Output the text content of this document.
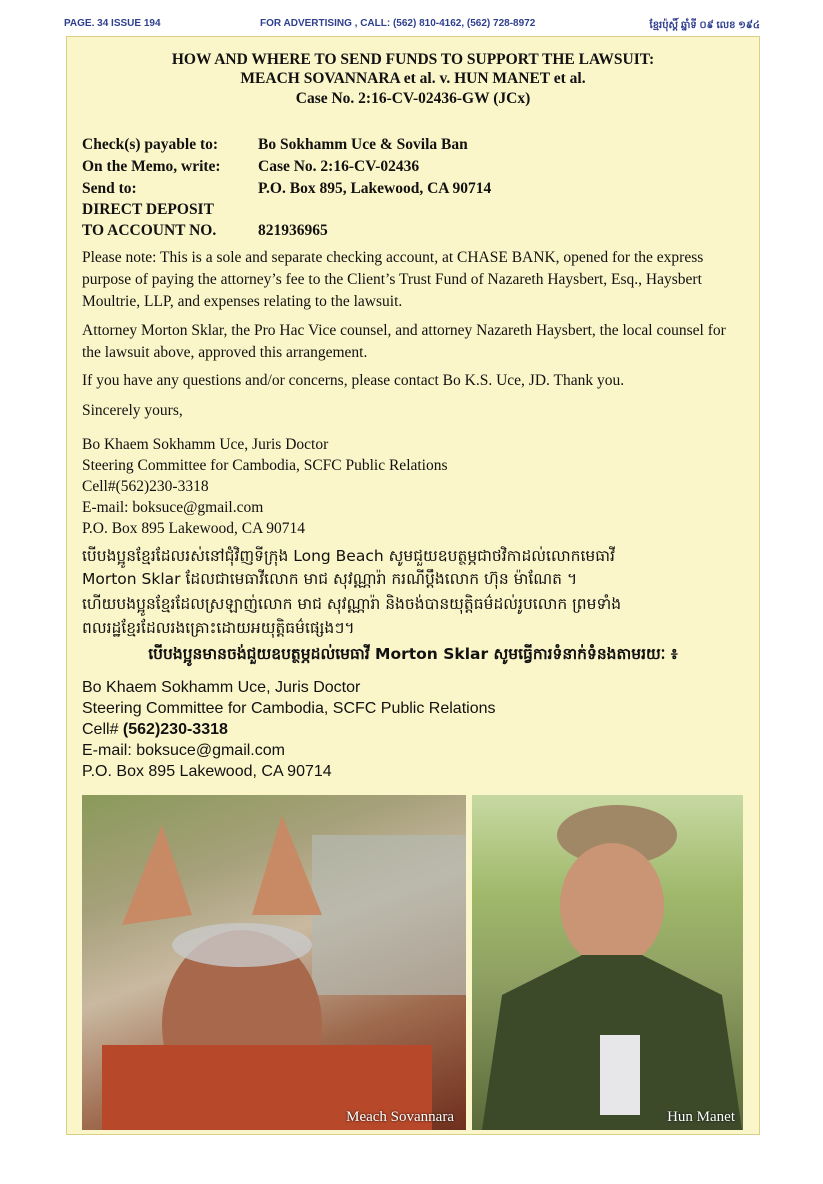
PAGE. 34 ISSUE 194	FOR ADVERTISING , CALL: (562) 810-4162, (562) 728-8972	ខ្មែរប៉ុស្ដិ៍ ឆ្នាំទី ០៩ លេខ ១៩៤
HOW AND WHERE TO SEND FUNDS TO SUPPORT THE LAWSUIT:
MEACH SOVANNARA et al. v. HUN MANET et al.
Case No. 2:16-CV-02436-GW (JCx)
Check(s) payable to:	Bo Sokhamm Uce & Sovila Ban
On the Memo, write: Case No. 2:16-CV-02436
Send to:	P.O. Box 895, Lakewood, CA 90714
DIRECT DEPOSIT
TO ACCOUNT NO.	821936965
Please note: This is a sole and separate checking account, at CHASE BANK, opened for the express purpose of paying the attorney’s fee to the Client’s Trust Fund of Nazareth Haysbert, Esq., Haysbert Moultrie, LLP, and expenses relating to the lawsuit.
Attorney Morton Sklar, the Pro Hac Vice counsel, and attorney Nazareth Haysbert, the local counsel for the lawsuit above, approved this arrangement.
If you have any questions and/or concerns, please contact Bo K.S. Uce, JD. Thank you.
Sincerely yours,
Bo Khaem Sokhamm Uce, Juris Doctor
Steering Committee for Cambodia, SCFC Public Relations
Cell#(562)230-3318
E-mail: boksuce@gmail.com
P.O. Box 895 Lakewood, CA 90714
បើបងប្អូនខ្មែរដែលរស់នៅជុំវិញទីក្រុង Long Beach សូមជួយឧបត្ថម្ភជាថវិកាដល់លោកមេធាវី
Morton Sklar ដែលជាមេធាវីលោក មាជ សុវណ្ណារ៉ា ករណីប្ដឹងលោក ហ៊ុន ម៉ាណែត ។
ហើយបងប្អូនខ្មែរដែលស្រឡាញ់លោក មាជ សុវណ្ណារ៉ា និងចង់បានយុត្តិធម៌ដល់រូបលោក ព្រមទាំង
ពលរដ្ឋខ្មែរដែលរងគ្រោះដោយអយុត្តិធម៌ផ្សេងៗ។
បើបងប្អូនមានចង់ជួយឧបត្ថម្ភដល់មេធាវី Morton Sklar សូមធ្វើការទំនាក់ទំនងតាមរយៈ ៖
Bo Khaem Sokhamm Uce, Juris Doctor
Steering Committee for Cambodia, SCFC Public Relations
Cell# (562)230-3318
E-mail: boksuce@gmail.com
P.O. Box 895 Lakewood, CA 90714
Meach Sovannara	Hun Manet
